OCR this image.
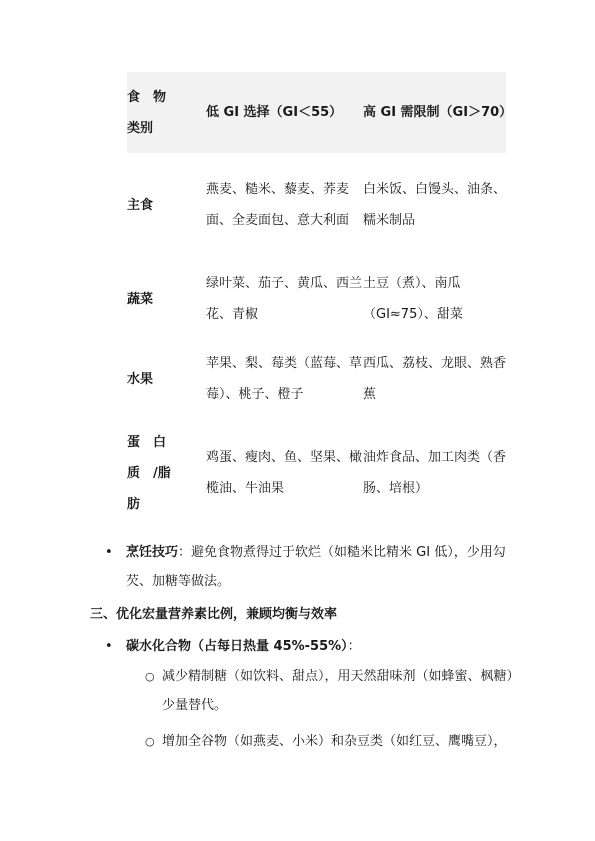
食　物类别	低 GI 选择（GI＜55）	高 GI 需限制（GI＞70）
主食	燕麦、糙米、藜麦、荞麦面、全麦面包、意大利面	白米饭、白馒头、油条、糯米制品
蔬菜	绿叶菜、茄子、黄瓜、西兰花、青椒	土豆（煮）、南瓜（GI≈75）、甜菜
水果	苹果、梨、莓类（蓝莓、草莓）、桃子、橙子	西瓜、荔枝、龙眼、熟香蕉

蛋　白质　/脂肪	鸡蛋、瘦肉、鱼、坚果、橄榄油、牛油果	油炸食品、加工肉类（香肠、培根）
•	烹饪技巧：避免食物煮得过于软烂（如糙米比精米 GI 低），少用勾芡、加糖等做法。
三、优化宏量营养素比例，兼顾均衡与效率
•	碳水化合物（占每日热量 45%-55%）：
○ 减少精制糖（如饮料、甜点），用天然甜味剂（如蜂蜜、枫糖）少量替代。
○ 增加全谷物（如燕麦、小米）和杂豆类（如红豆、鹰嘴豆），
